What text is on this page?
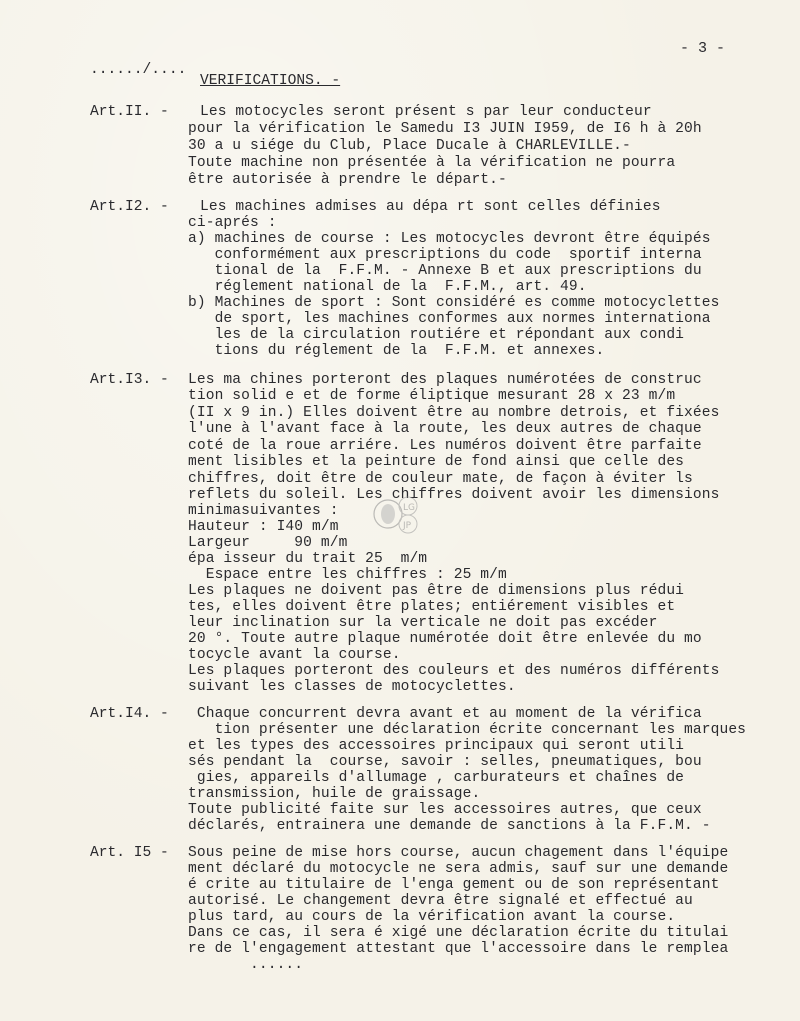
- 3 -
....../....
VERIFICATIONS. -
Art.II. - Les motocycles seront présent s par leur conducteur
pour la vérification le Samedu I3 JUIN I959, de I6 h à 20h
30 a u siége du Club, Place Ducale à CHARLEVILLE.-
Toute machine non présentée à la vérification ne pourra
être autorisée à prendre le départ.-
Art.I2. - Les machines admises au dépa rt sont celles définies
ci-aprés :
a) machines de course : Les motocycles devront être équipés
conformément aux prescriptions du code  sportif interna
tional de la  F.F.M. - Annexe B et aux prescriptions du
réglement national de la  F.F.M., art. 49.
b) Machines de sport : Sont considéré es comme motocyclettes
de sport, les machines conformes aux normes internationa
les de la circulation routiére et répondant aux condi
tions du réglement de la  F.F.M. et annexes.
Art.I3. - Les ma chines porteront des plaques numérotées de construc
tion solid e et de forme éliptique mesurant 28 x 23 m/m
(II x 9 in.) Elles doivent être au nombre detrois, et fixées
l'une à l'avant face à la route, les deux autres de chaque
coté de la roue arriére. Les numéros doivent être parfaite
ment lisibles et la peinture de fond ainsi que celle des
chiffres, doit être de couleur mate, de façon à éviter ls
reflets du soleil. Les chiffres doivent avoir les dimensions
minimasuivantes :
Hauteur : I40 m/m
Largeur     90 m/m
épa isseur du trait 25  m/m
Espace entre les chiffres : 25 m/m
Les plaques ne doivent pas être de dimensions plus rédui
tes, elles doivent être plates; entiérement visibles et
leur inclination sur la verticale ne doit pas excéder
20 °. Toute autre plaque numérotée doit être enlevée du mo
tocycle avant la course.
Les plaques porteront des couleurs et des numéros différents
suivant les classes de motocyclettes.
Art.I4. - Chaque concurrent devra avant et au moment de la vérifica
tion présenter une déclaration écrite concernant les marques
et les types des accessoires principaux qui seront utili
sés pendant la  course, savoir : selles, pneumatiques, bou
gies, appareils d'allumage , carburateurs et chaînes de
transmission, huile de graissage.
Toute publicité faite sur les accessoires autres, que ceux
déclarés, entrainera une demande de sanctions à la F.F.M. -
Art. I5 - Sous peine de mise hors course, aucun chagement dans l'équipe
ment déclaré du motocycle ne sera admis, sauf sur une demande
é crite au titulaire de l'enga gement ou de son représentant
autorisé. Le changement devra être signalé et effectué au
plus tard, au cours de la vérification avant la course.
Dans ce cas, il sera é xigé une déclaration écrite du titulai
re de l'engagement attestant que l'accessoire dans le remplea
......
LG
JP
